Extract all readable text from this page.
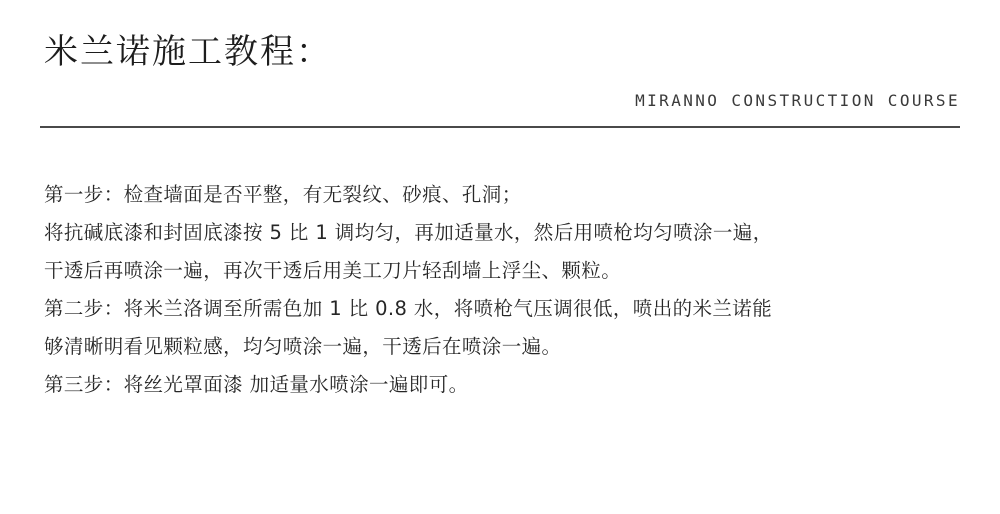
米兰诺施工教程：
MIRANNO CONSTRUCTION COURSE
第一步：检查墙面是否平整，有无裂纹、砂痕、孔洞；
将抗碱底漆和封固底漆按 5 比 1 调均匀，再加适量水，然后用喷枪均匀喷涂一遍，
干透后再喷涂一遍，再次干透后用美工刀片轻刮墙上浮尘、颗粒。
第二步：将米兰洛调至所需色加 1 比 0.8 水，将喷枪气压调很低，喷出的米兰诺能
够清晰明看见颗粒感，均匀喷涂一遍，干透后在喷涂一遍。
第三步：将丝光罩面漆 加适量水喷涂一遍即可。
